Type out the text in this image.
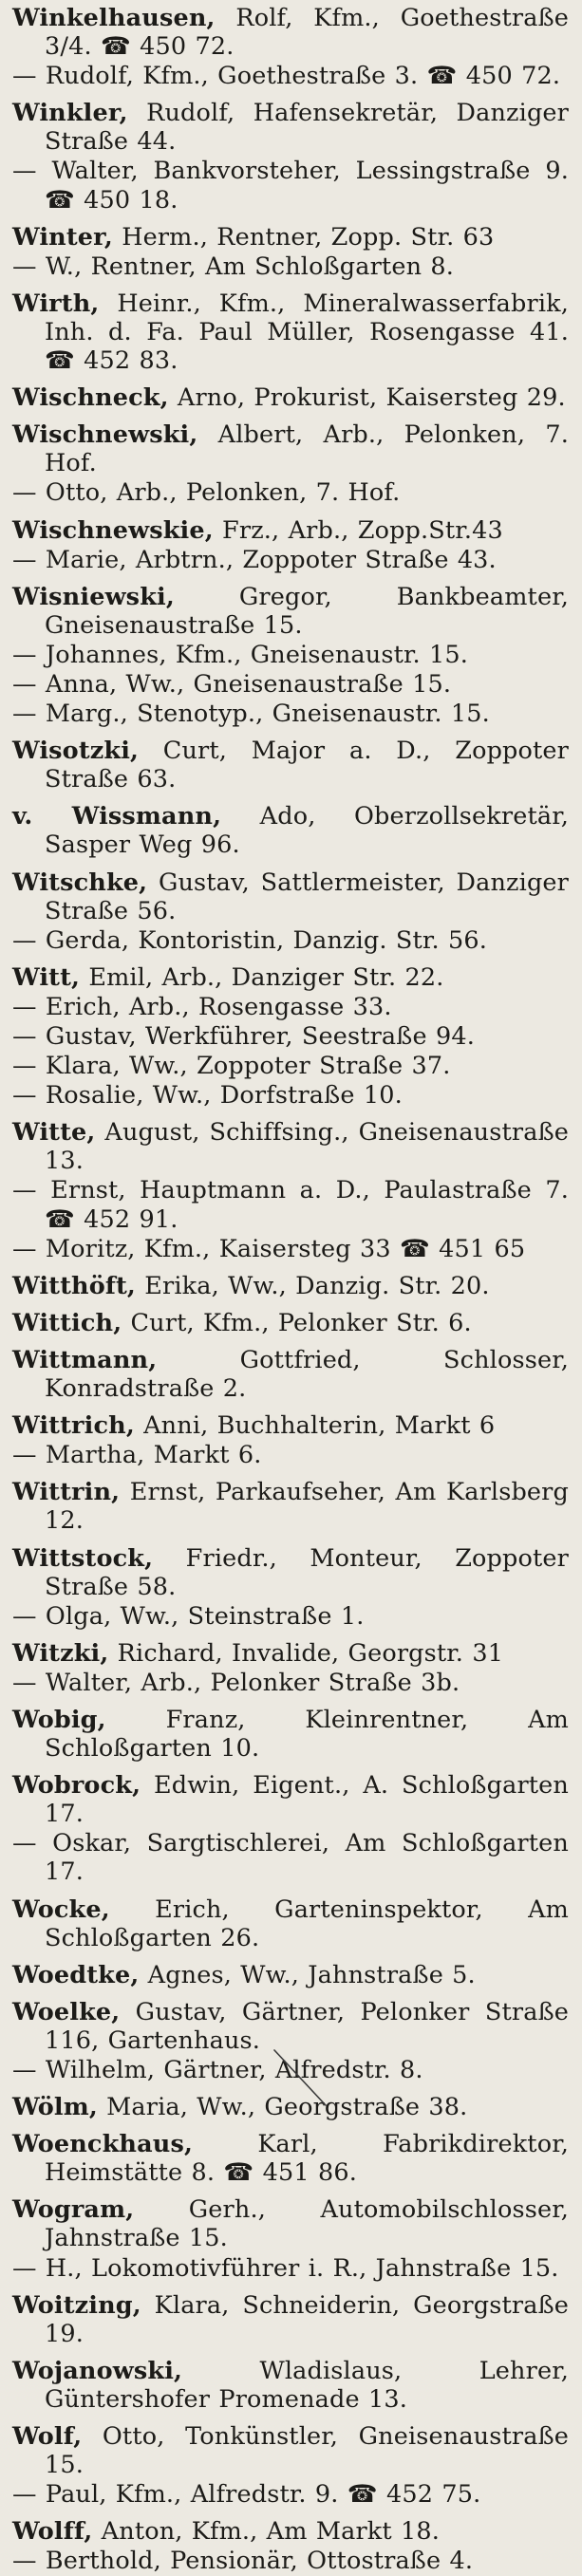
Winkelhausen, Rolf, Kfm., Goethestraße 3/4. ☎ 450 72.

— Rudolf, Kfm., Goethestraße 3. ☎ 450 72.

Winkler, Rudolf, Hafensekretär, Danziger Straße 44.

— Walter, Bankvorsteher, Lessingstraße 9. ☎ 450 18.

Winter, Herm., Rentner, Zopp. Str. 63

— W., Rentner, Am Schloßgarten 8.

Wirth, Heinr., Kfm., Mineralwasserfabrik, Inh. d. Fa. Paul Müller, Rosengasse 41. ☎ 452 83.

Wischneck, Arno, Prokurist, Kaisersteg 29.

Wischnewski, Albert, Arb., Pelonken, 7. Hof.

— Otto, Arb., Pelonken, 7. Hof.

Wischnewskie, Frz., Arb., Zopp.Str.43

— Marie, Arbtrn., Zoppoter Straße 43.

Wisniewski, Gregor, Bankbeamter, Gneisenaustraße 15.

— Johannes, Kfm., Gneisenaustr. 15.

— Anna, Ww., Gneisenaustraße 15.

— Marg., Stenotyp., Gneisenaustr. 15.

Wisotzki, Curt, Major a. D., Zoppoter Straße 63.

v. Wissmann, Ado, Oberzollsekretär, Sasper Weg 96.

Witschke, Gustav, Sattlermeister, Danziger Straße 56.

— Gerda, Kontoristin, Danzig. Str. 56.

Witt, Emil, Arb., Danziger Str. 22.

— Erich, Arb., Rosengasse 33.

— Gustav, Werkführer, Seestraße 94.

— Klara, Ww., Zoppoter Straße 37.

— Rosalie, Ww., Dorfstraße 10.

Witte, August, Schiffsing., Gneisenaustraße 13.

— Ernst, Hauptmann a. D., Paulastraße 7. ☎ 452 91.

— Moritz, Kfm., Kaisersteg 33 ☎ 451 65

Witthöft, Erika, Ww., Danzig. Str. 20.

Wittich, Curt, Kfm., Pelonker Str. 6.

Wittmann, Gottfried, Schlosser, Konradstraße 2.

Wittrich, Anni, Buchhalterin, Markt 6

— Martha, Markt 6.

Wittrin, Ernst, Parkaufseher, Am Karlsberg 12.

Wittstock, Friedr., Monteur, Zoppoter Straße 58.

— Olga, Ww., Steinstraße 1.

Witzki, Richard, Invalide, Georgstr. 31

— Walter, Arb., Pelonker Straße 3b.

Wobig, Franz, Kleinrentner, Am Schloßgarten 10.

Wobrock, Edwin, Eigent., A. Schloßgarten 17.

— Oskar, Sargtischlerei, Am Schloßgarten 17.

Wocke, Erich, Garteninspektor, Am Schloßgarten 26.

Woedtke, Agnes, Ww., Jahnstraße 5.

Woelke, Gustav, Gärtner, Pelonker Straße 116, Gartenhaus.

— Wilhelm, Gärtner, Alfredstr. 8.

Wölm, Maria, Ww., Georgstraße 38.

Woenckhaus, Karl, Fabrikdirektor, Heimstätte 8. ☎ 451 86.

Wogram, Gerh., Automobilschlosser, Jahnstraße 15.

— H., Lokomotivführer i. R., Jahnstraße 15.

Woitzing, Klara, Schneiderin, Georgstraße 19.

Wojanowski, Wladislaus, Lehrer, Güntershofer Promenade 13.

Wolf, Otto, Tonkünstler, Gneisenaustraße 15.

— Paul, Kfm., Alfredstr. 9. ☎ 452 75.

Wolff, Anton, Kfm., Am Markt 18.

— Berthold, Pensionär, Ottostraße 4.
